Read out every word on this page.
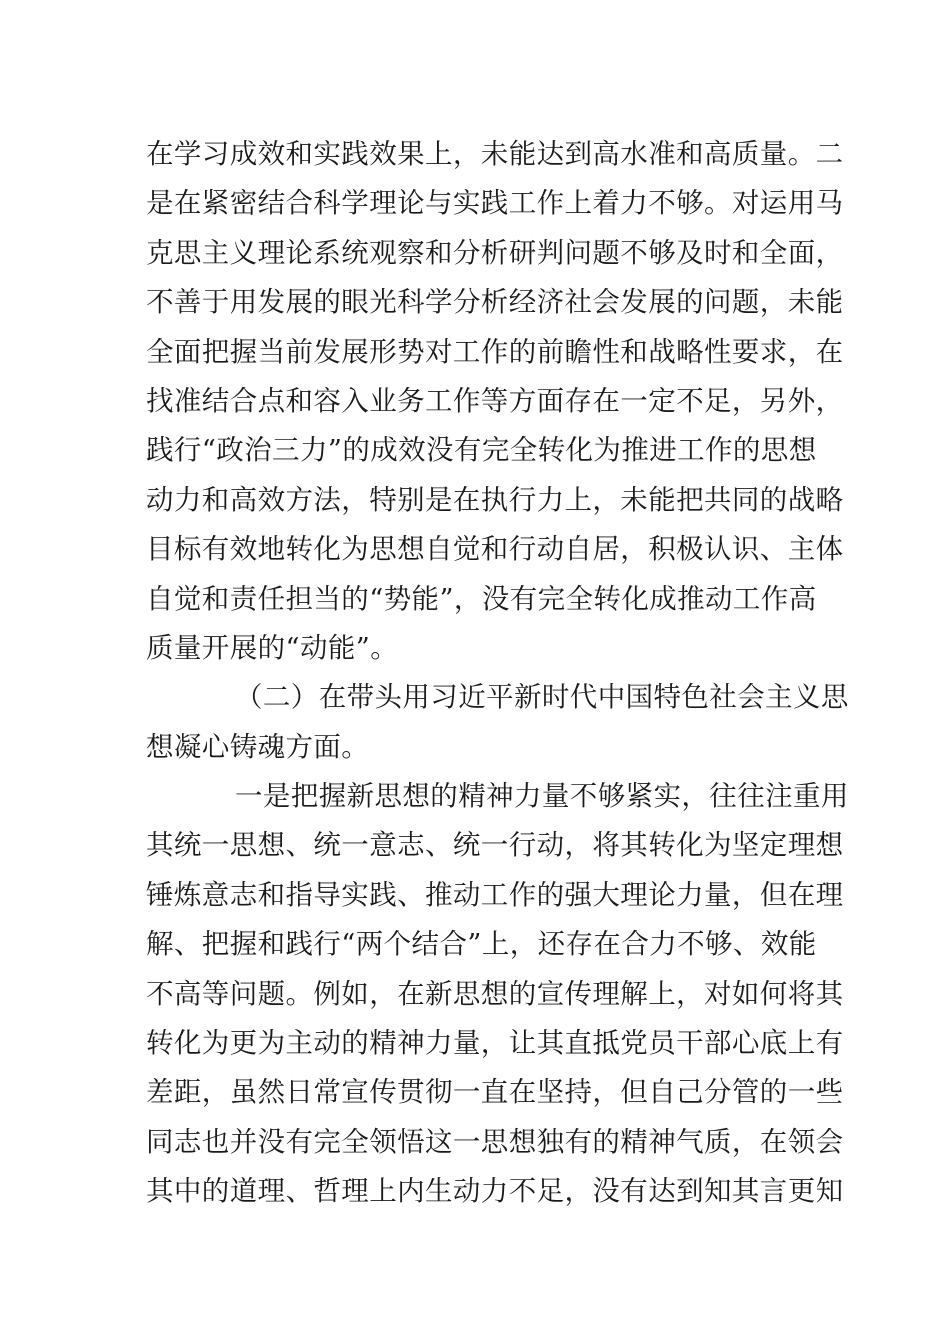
在学习成效和实践效果上，未能达到高水准和高质量。二
是在紧密结合科学理论与实践工作上着力不够。对运用马
克思主义理论系统观察和分析研判问题不够及时和全面，
不善于用发展的眼光科学分析经济社会发展的问题，未能
全面把握当前发展形势对工作的前瞻性和战略性要求，在
找准结合点和容入业务工作等方面存在一定不足，另外，
践行“政治三力”的成效没有完全转化为推进工作的思想
动力和高效方法，特别是在执行力上，未能把共同的战略
目标有效地转化为思想自觉和行动自居，积极认识、主体
自觉和责任担当的“势能”，没有完全转化成推动工作高
质量开展的“动能”。
（二）在带头用习近平新时代中国特色社会主义思
想凝心铸魂方面。
一是把握新思想的精神力量不够紧实，往往注重用
其统一思想、统一意志、统一行动，将其转化为坚定理想
锤炼意志和指导实践、推动工作的强大理论力量，但在理
解、把握和践行“两个结合”上，还存在合力不够、效能
不高等问题。例如，在新思想的宣传理解上，对如何将其
转化为更为主动的精神力量，让其直抵党员干部心底上有
差距，虽然日常宣传贯彻一直在坚持，但自己分管的一些
同志也并没有完全领悟这一思想独有的精神气质，在领会
其中的道理、哲理上内生动力不足，没有达到知其言更知
